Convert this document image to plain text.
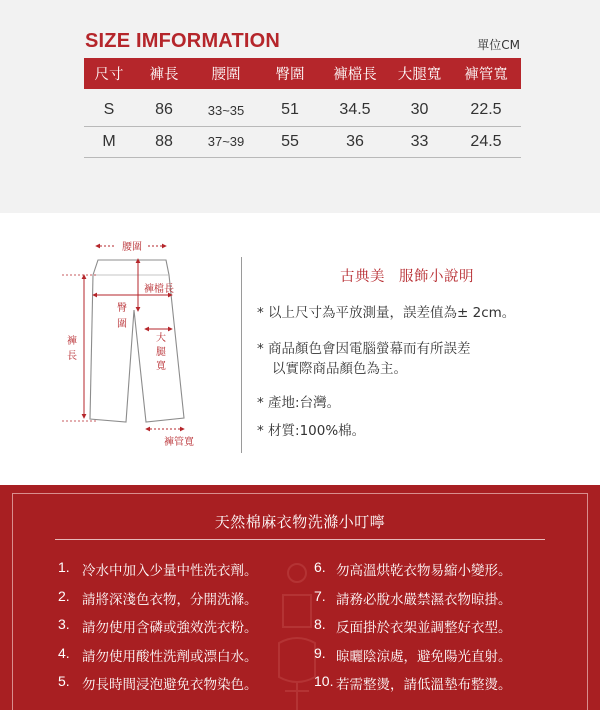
SIZE IMFORMATION	單位CM
尺寸	褲長	腰圍	臀圍	褲檔長	大腿寬	褲管寬
S	86	33~35	51	34.5	30	22.5
M	88	37~39	55	36	33	24.5
腰圍
褲檔長
臀
圍
大
腿
寬
褲
長
褲管寬
古典美 服飾小說明
* 以上尺寸為平放測量，誤差值為± 2cm。
* 商品顏色會因電腦螢幕而有所誤差
以實際商品顏色為主。
* 產地:台灣。
* 材質:100%棉。
天然棉麻衣物洗滌小叮嚀
1. 冷水中加入少量中性洗衣劑。
2. 請將深淺色衣物，分開洗滌。
3. 請勿使用含磷或強效洗衣粉。
4. 請勿使用酸性洗劑或漂白水。
5. 勿長時間浸泡避免衣物染色。
6. 勿高溫烘乾衣物易縮小變形。
7. 請務必脫水嚴禁濕衣物晾掛。
8. 反面掛於衣架並調整好衣型。
9. 晾曬陰涼處，避免陽光直射。
10. 若需整燙，請低溫墊布整燙。
